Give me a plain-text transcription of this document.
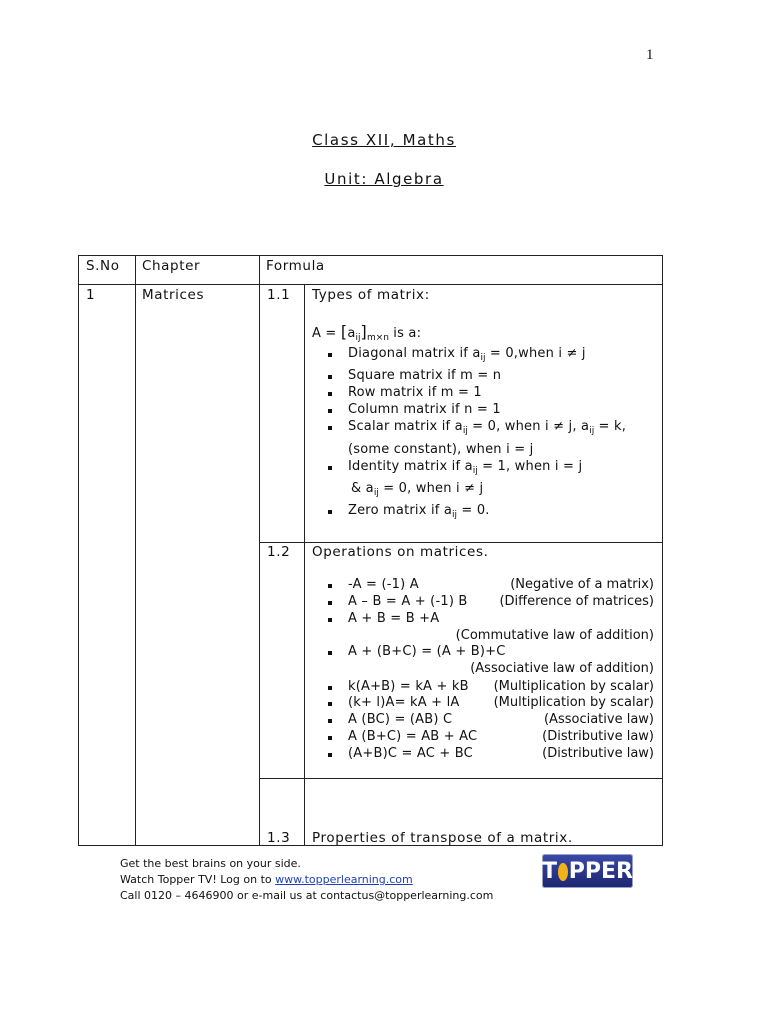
1
Class XII, Maths
Unit: Algebra
S.No Chapter	Formula
1	Matrices	1.1 Types of matrix:
$A = [a_{ij}]_{m\times n}$ is a:
Diagonal matrix if $a_{ij}$ = 0,when i ≠ j
Square matrix if m = n
Row matrix if m = 1
Column matrix if n = 1
Scalar matrix if $a_{ij} = 0$, when i ≠ j, $a_{ij} = k$,
(some constant), when i = j
Identity matrix if $a_{ij} = 1$, when i = j
& $a_{ij} = 0$, when i ≠ j
Zero matrix if $a_{ij} = 0$.
1.2 Operations on matrices.
-A = (-1) A	(Negative of a matrix)
A – B = A + (-1) B (Difference of matrices)
A + B = B +A
(Commutative law of addition)
A + (B+C) = (A + B)+C
(Associative law of addition)
k(A+B) = kA + kB (Multiplication by scalar)
(k+ l)A= kA + lA	(Multiplication by scalar)
A (BC) = (AB) C	(Associative law)
A (B+C) = AB + AC	(Distributive law)
(A+B)C = AC + BC	(Distributive law)
1.3 Properties of transpose of a matrix.
Get the best brains on your side.
Watch Topper TV! Log on to www.topperlearning.com
Call 0120 – 4646900 or e-mail us at contactus@topperlearning.com
T PPER
